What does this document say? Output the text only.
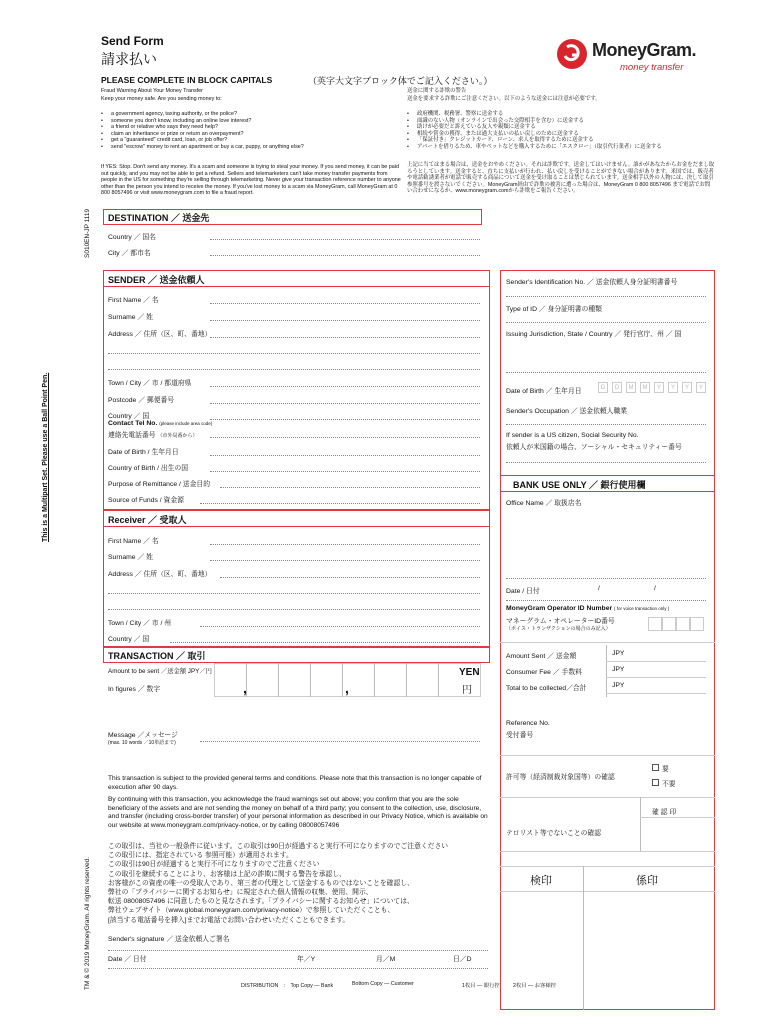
Send Form
請求払い	MoneyGram.
money transfer
PLEASE COMPLETE IN BLOCK CAPITALS	（英字大文字ブロック体でご記入ください。）
Fraud Warning About Your Money Transfer
Keep your money safe. Are you sending money to:
• a government agency, taxing authority, or the police?
• someone you don't know, including an online love interest?
• a friend or relative who says they need help?
• claim an inheritance or prize or return an overpayment?
• get a "guaranteed" credit card, loan, or job offer?
• send "escrow" money to rent an apartment or buy a car, puppy, or anything else?
If YES: Stop. Don't send any money. It's a scam and someone is trying to steal your money. If you send money, it can be paid out quickly, and you may not be able to get a refund. Sellers and telemarketers can't take money transfer payments from people in the US for something they're selling through telemarketing. Never give your transaction reference number to anyone other than the person you intend to receive the money. If you've lost money to a scam via MoneyGram, call MoneyGram at 0 800 8057496 or visit www.moneygram.com to file a fraud report.
送金に関する詐欺の警告
送金を要求する詐欺にご注意ください。以下のような送金には注意が必要です。
• 政府機関、税務署、警察に送金する
• 面識のない人物（オンラインで出会った交際相手を含む）に送金する
• 助けが必要だと訴えている友人や親類に送金する
• 相続や賞金の獲得、または過大支払いの払い戻しのために送金する
• 「保証付き」クレジットカード、ローン、求人を取得するために送金する
• アパートを借りるため、車やペットなどを購入するために「エスクロー」（取引代行業者）に送金する
上記に当てはまる場合は、送金をおやめください。それは詐欺です。送金してはいけません。誰かがあなたからお金をだまし取ろうとしています。送金すると、直ちに支払いが行われ、払い戻しを受けることができない場合があります。米国では、販売者や電話勧誘業者が電話で販売する商品について送金を受け取ることは禁じられています。送金相手以外の人物には、決して取引参照番号を渡さないでください。MoneyGram経由で詐欺の被害に遭った場合は、MoneyGram 0 800 8057496 まで電話でお問い合わせになるか、www.moneygram.comから詐欺をご報告ください。
S010EN-JP 1119
This is a Multipart Set. Please use a Ball Point Pen.
TM & © 2019 MoneyGram. All rights reserved.
DESTINATION ／ 送金先
Country ／ 国名
City ／ 都市名
SENDER ／ 送金依頼人
First Name ／ 名
Surname ／ 姓
Address ／ 住所（区、町、番地）
Town / City ／ 市 / 都道府県
Postcode ／ 郵便番号
Country ／ 国
Contact Tel No. (please include area code)
連絡先電話番号 （市外局番から）
Date of Birth / 生年月日
Country of Birth / 出生の国
Purpose of Remittance / 送金目的
Source of Funds / 資金源
Sender's Identification No. ／ 送金依頼人身分証明書番号
Type of ID ／ 身分証明書の種類
Issuing Jurisdiction, State / Country ／ 発行官庁、州 ／ 国
Date of Birth ／ 生年月日	D	D	M	M	Y	Y	Y	Y
Sender's Occupation ／ 送金依頼人職業
If sender is a US citizen, Social Security No.
依頼人が米国籍の場合、ソーシャル・セキュリティー番号
BANK USE ONLY ／ 銀行使用欄
Office Name ／ 取扱店名
Date / 日付	/	/
MoneyGram Operator ID Number ( for voice transaction only )
マネーグラム・オペレーターID番号
（ボイス・トランザクションの場合のみ記入）
Amount Sent ／ 送金額	JPY
Consumer Fee ／ 手数料	JPY
Total to be collected／合計	JPY
Reference No.
受付番号
許可等（経済制裁対象国等）の確認
要
不要
確 認 印
テロリスト等でないことの確認
検印	係印
Receiver ／ 受取人
First Name ／ 名
Surname ／ 姓
Address ／ 住所（区、町、番地）
Town / City ／ 市 / 州
Country ／ 国
TRANSACTION ／ 取引
Amount to be sent ／送金額 JPY／円
In figures ／ 数字	,	,
YEN
円
Message ／メッセージ
(max. 10 words ／10単語まで)
This transaction is subject to the provided general terms and conditions. Please note that this transaction is no longer capable of execution after 90 days.
By continuing with this transaction, you acknowledge the fraud warnings set out above; you confirm that you are the sole beneficiary of the assets and are not sending the money on behalf of a third party; you consent to the collection, use, disclosure, and transfer (including cross-border transfer) of your personal information as described in our Privacy Notice, which is available on our website at www.moneygram.com/privacy-notice, or by calling 08008057496
この取引は、当社の一般条件に従います。この取引は90日が経過すると実行不可になりますのでご注意ください
この取引には、指定されている 参照可能）が適用されます。
この取引は90日が経過すると実行不可になりますのでご注意ください
この取引を継続することにより、お客様は上記の詐欺に関する警告を承認し、
お客様がこの資産の唯一の受取人であり、第三者の代理として送金するものではないことを確認し、
弊社の「プライバシーに関するお知らせ」に規定された個人情報の収集、使用、開示、
転送 08008057496 に同意したものと見なされます。「プライバシーに関するお知らせ」については、
弊社ウェブサイト（www.global.moneygram.com/privacy-notice）で参照していただくことも、
[該当する電話番号を挿入]までお電話でお問い合わせいただくこともできます。
Sender's signature ／ 送金依頼人ご署名
Date ／ 日付	年／Y	月／M	日／D
DISTRIBUTION　:　Top Copy — Bank	Bottom Copy — Customer	1枚目 — 銀行控	2枚目 — お客様控
